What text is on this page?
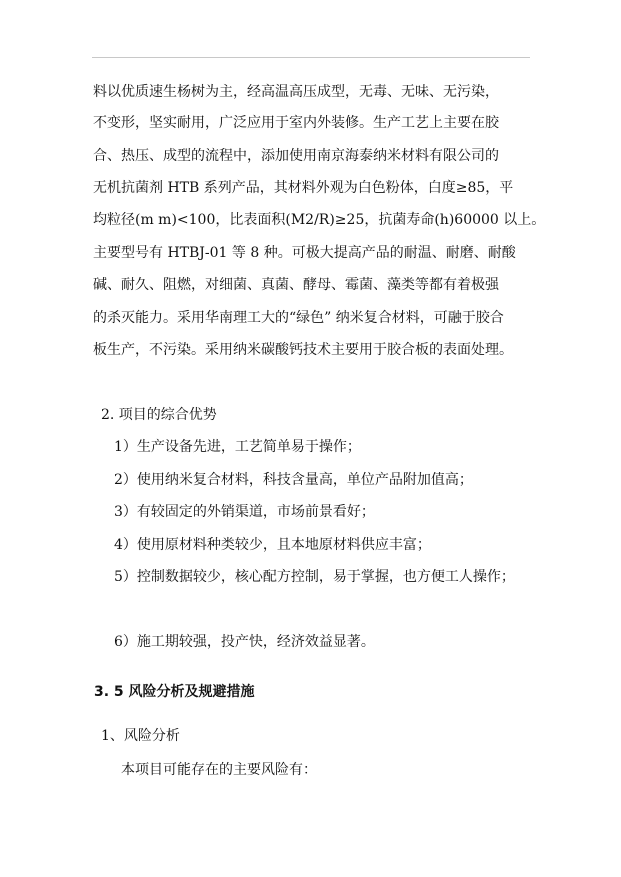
料以优质速生杨树为主，经高温高压成型，无毒、无味、无污染，
不变形，坚实耐用，广泛应用于室内外装修。生产工艺上主要在胶
合、热压、成型的流程中，添加使用南京海泰纳米材料有限公司的
无机抗菌剂 HTB 系列产品，其材料外观为白色粉体，白度≥85，平
均粒径(m m)<100，比表面积(M2/R)≥25，抗菌寿命(h)60000 以上。
主要型号有 HTBJ-01 等 8 种。可极大提高产品的耐温、耐磨、耐酸
碱、耐久、阻燃，对细菌、真菌、酵母、霉菌、藻类等都有着极强
的杀灭能力。采用华南理工大的“绿色” 纳米复合材料，可融于胶合
板生产，不污染。采用纳米碳酸钙技术主要用于胶合板的表面处理。
2. 项目的综合优势
1）生产设备先进，工艺简单易于操作；
2）使用纳米复合材料，科技含量高，单位产品附加值高；
3）有较固定的外销渠道，市场前景看好；
4）使用原材料种类较少，且本地原材料供应丰富；
5）控制数据较少，核心配方控制，易于掌握，也方便工人操作；
6）施工期较强，投产快，经济效益显著。
3. 5 风险分析及规避措施
1、风险分析
本项目可能存在的主要风险有：
